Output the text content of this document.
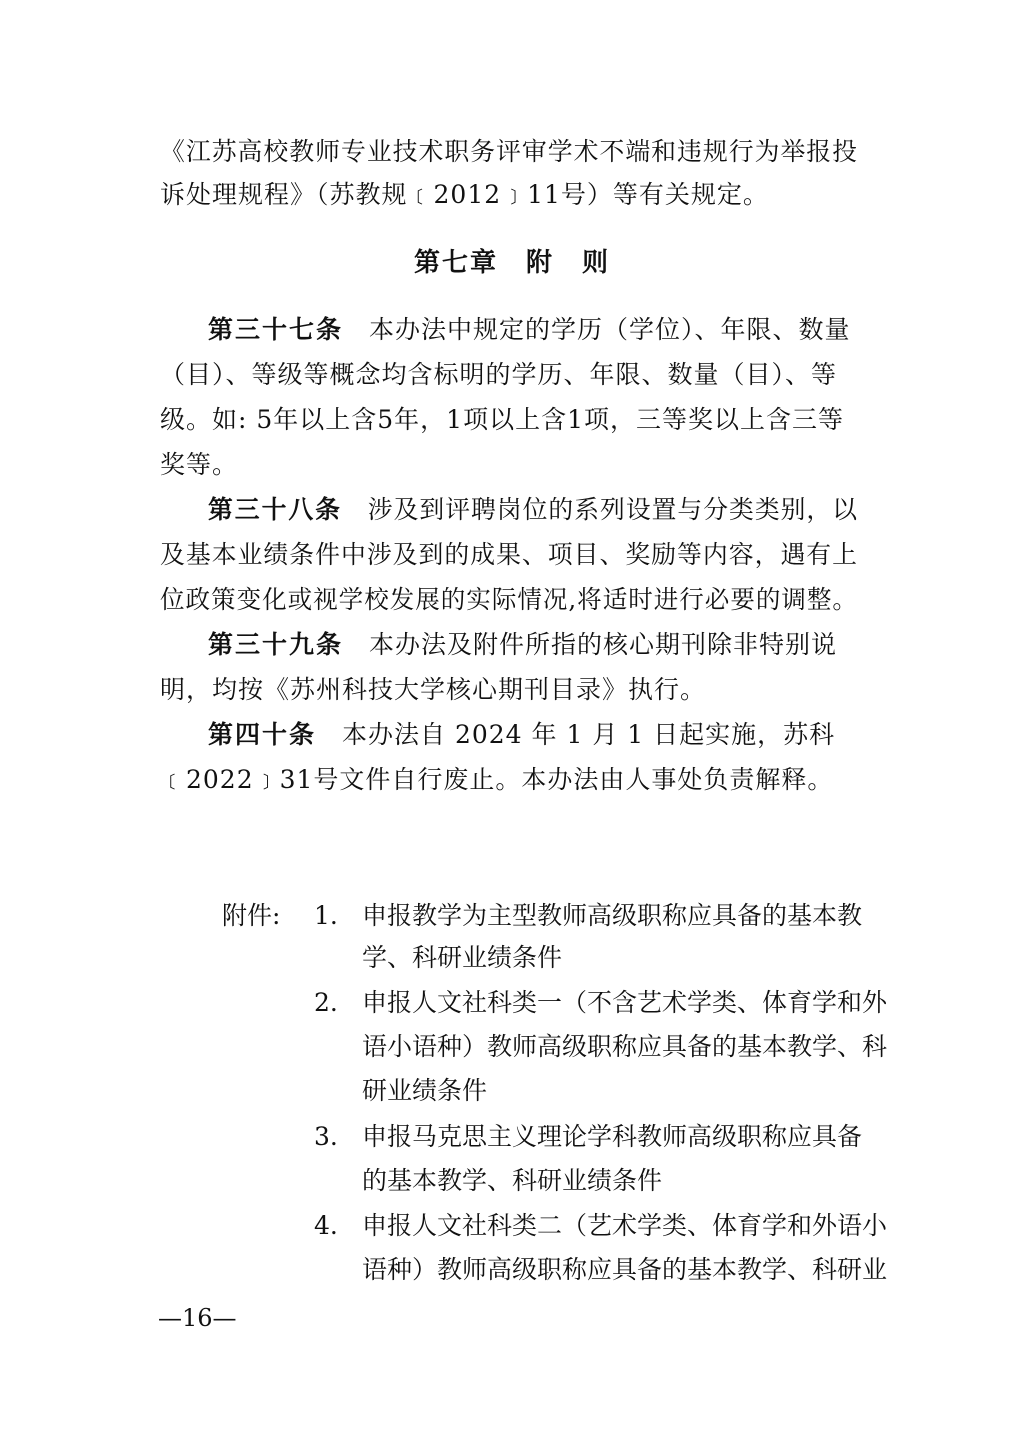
《江苏高校教师专业技术职务评审学术不端和违规行为举报投
诉处理规程》（苏教规﹝2012﹞11号）等有关规定。
第七章　附　则
第三十七条 本办法中规定的学历（学位）、年限、数量
（目）、等级等概念均含标明的学历、年限、数量（目）、等
级。如: 5年以上含5年，1项以上含1项，三等奖以上含三等
奖等。
第三十八条 涉及到评聘岗位的系列设置与分类类别，以
及基本业绩条件中涉及到的成果、项目、奖励等内容，遇有上
位政策变化或视学校发展的实际情况,将适时进行必要的调整。
第三十九条 本办法及附件所指的核心期刊除非特别说
明，均按《苏州科技大学核心期刊目录》执行。
第四十条 本办法自 2024 年 1 月 1 日起实施，苏科
﹝2022﹞31号文件自行废止。本办法由人事处负责解释。
附件: 1. 申报教学为主型教师高级职称应具备的基本教
学、科研业绩条件
2. 申报人文社科类一（不含艺术学类、体育学和外
语小语种）教师高级职称应具备的基本教学、科
研业绩条件
3. 申报马克思主义理论学科教师高级职称应具备
的基本教学、科研业绩条件
4. 申报人文社科类二（艺术学类、体育学和外语小
语种）教师高级职称应具备的基本教学、科研业
—16—
